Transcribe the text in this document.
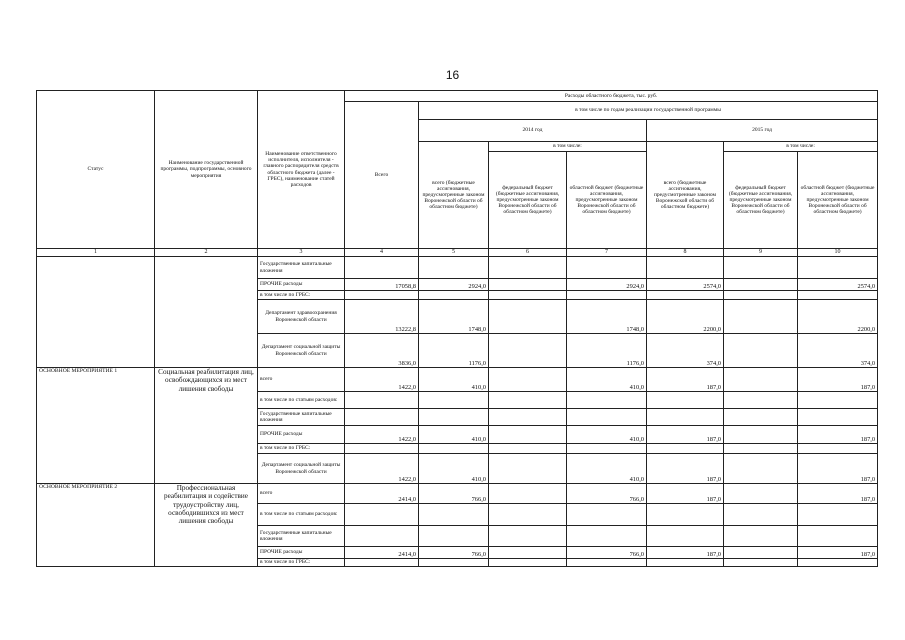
16
Статус	Наименование государственной программы, подпрограммы, основного мероприятия	Наименование ответственного исполнителя, исполнителя - главного распорядителя средств областного бюджета (далее - ГРБС), наименование статей расходов	Расходы областного бюджета, тыс. руб.						
			Всего	в том числе по годам реализации государственной программы					
				2014 год			2015 год		
				всего (бюджетные ассигнования, предусмотренные законом Воронежской области об областном бюджете)	в том числе:		всего (бюджетные ассигнования, предусмотренные законом Воронежской области об областном бюджете)	в том числе:	
					федеральный бюджет (бюджетные ассигнования, предусмотренные законом Воронежской области об областном бюджете)	областной бюджет (бюджетные ассигнования, предусмотренные законом Воронежской области об областном бюджете)		федеральный бюджет (бюджетные ассигнования, предусмотренные законом Воронежской области об областном бюджете)	областной бюджет (бюджетные ассигнования, предусмотренные законом Воронежской области об областном бюджете)
1	2	3	4	5	6	7	8	9	10
		Государственные капитальные вложения							
		ПРОЧИЕ расходы	17058,8	2924,0		2924,0	2574,0		2574,0
		в том числе по ГРБС:							
		Департамент здравоохранения Воронежской области	13222,8	1748,0		1748,0	2200,0		2200,0
		Департамент социальной защиты Воронежской области	3836,0	1176,0		1176,0	374,0		374,0
ОСНОВНОЕ МЕРОПРИЯТИЕ 1	Социальная реабилитация лиц, освобождающихся из мест лишения свободы	всего	1422,0	410,0		410,0	187,0		187,0
		в том числе по статьям расходов:							
		Государственные капитальные вложения							
		ПРОЧИЕ расходы	1422,0	410,0		410,0	187,0		187,0
		в том числе по ГРБС:							
		Департамент социальной защиты Воронежской области	1422,0	410,0		410,0	187,0		187,0
ОСНОВНОЕ МЕРОПРИЯТИЕ 2	Профессиональная реабилитация и содействие трудоустройству лиц, освободившихся из мест лишения свободы	всего	2414,0	766,0		766,0	187,0		187,0
		в том числе по статьям расходов:							
		Государственные капитальные вложения							
		ПРОЧИЕ расходы	2414,0	766,0		766,0	187,0		187,0
		в том числе по ГРБС:							
